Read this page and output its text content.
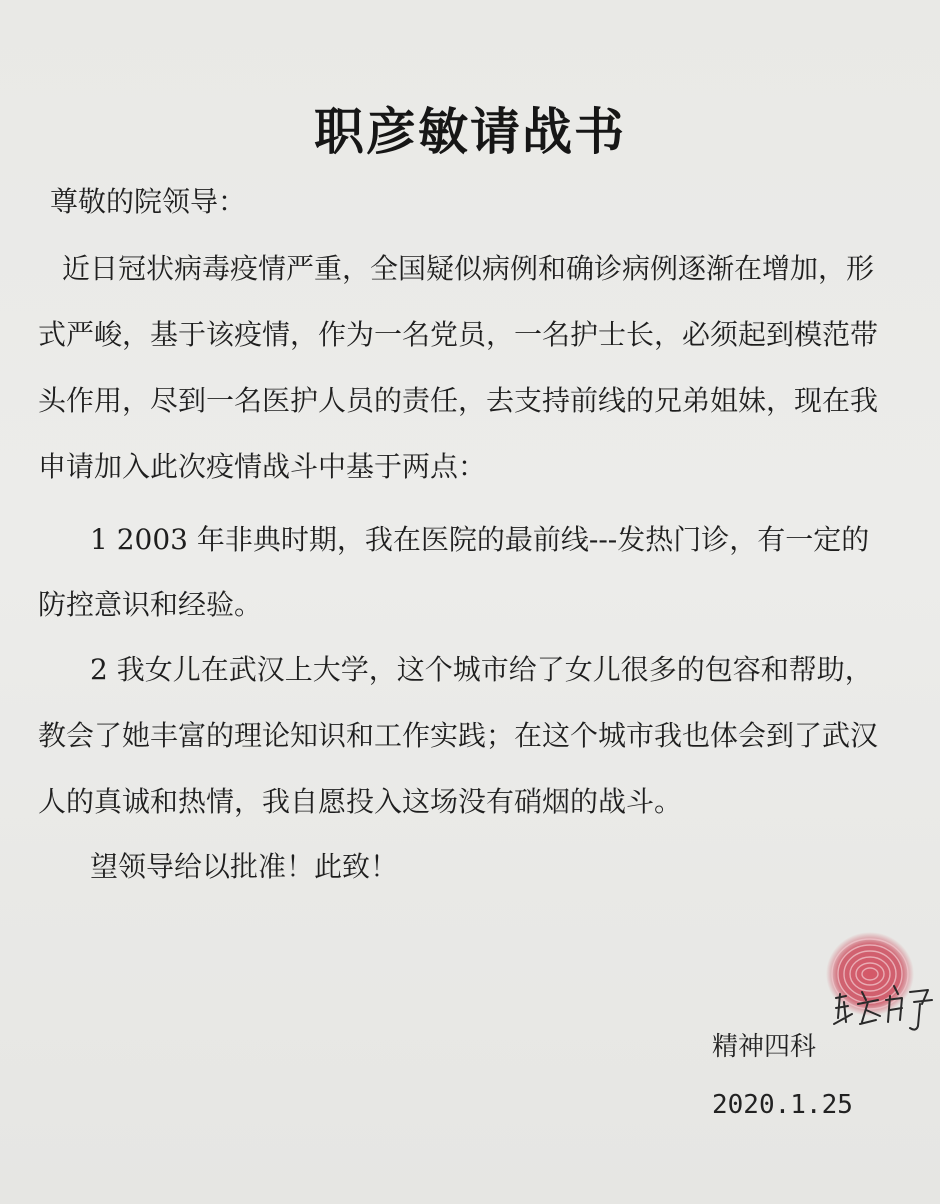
职彦敏请战书
尊敬的院领导：
近日冠状病毒疫情严重，全国疑似病例和确诊病例逐渐在增加，形
式严峻，基于该疫情，作为一名党员，一名护士长，必须起到模范带
头作用，尽到一名医护人员的责任，去支持前线的兄弟姐妹，现在我
申请加入此次疫情战斗中基于两点：
1 2003 年非典时期，我在医院的最前线---发热门诊，有一定的
防控意识和经验。
2 我女儿在武汉上大学，这个城市给了女儿很多的包容和帮助，
教会了她丰富的理论知识和工作实践；在这个城市我也体会到了武汉
人的真诚和热情，我自愿投入这场没有硝烟的战斗。
望领导给以批准！此致！
精神四科
2020.1.25
